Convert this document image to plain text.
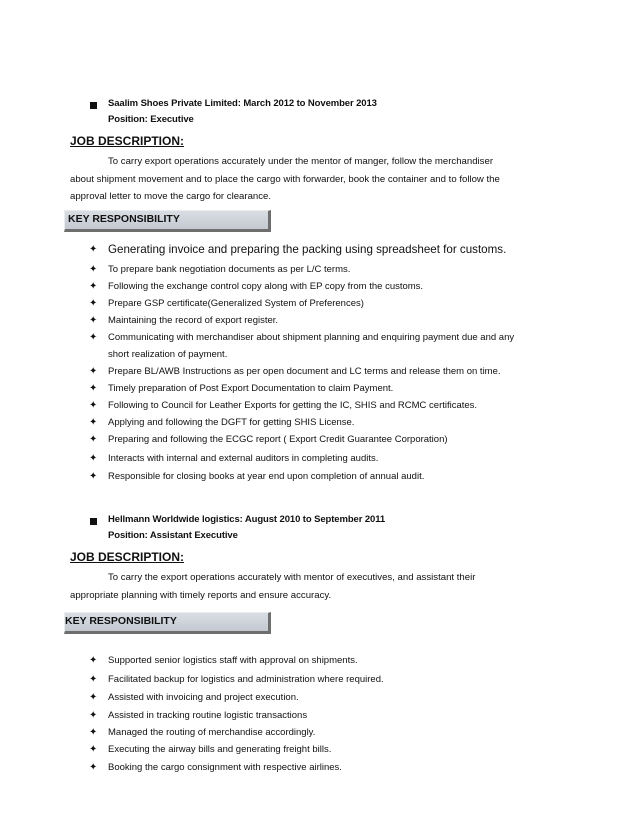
Saalim Shoes Private Limited: March 2012 to November 2013
Position: Executive
JOB DESCRIPTION:
To carry export operations accurately under the mentor of manger, follow the merchandiser
about shipment movement and to place the cargo with forwarder, book the container and to follow the
approval letter to move the cargo for clearance.
KEY RESPONSIBILITY
✦ Generating invoice and preparing the packing using spreadsheet for customs.
✦ To prepare bank negotiation documents as per L/C terms.
✦ Following the exchange control copy along with EP copy from the customs.
✦ Prepare GSP certificate(Generalized System of Preferences)
✦ Maintaining the record of export register.
✦ Communicating with merchandiser about shipment planning and enquiring payment due and any
short realization of payment.
✦ Prepare BL/AWB Instructions as per open document and LC terms and release them on time.
✦ Timely preparation of Post Export Documentation to claim Payment.
✦ Following to Council for Leather Exports for getting the IC, SHIS and RCMC certificates.
✦ Applying and following the DGFT for getting SHIS License.
✦ Preparing and following the ECGC report ( Export Credit Guarantee Corporation)
✦ Interacts with internal and external auditors in completing audits.
✦ Responsible for closing books at year end upon completion of annual audit.
Hellmann Worldwide logistics: August 2010 to September 2011
Position: Assistant Executive
JOB DESCRIPTION:
To carry the export operations accurately with mentor of executives, and assistant their
appropriate planning with timely reports and ensure accuracy.
KEY RESPONSIBILITY
✦ Supported senior logistics staff with approval on shipments.
✦ Facilitated backup for logistics and administration where required.
✦ Assisted with invoicing and project execution.
✦ Assisted in tracking routine logistic transactions
✦ Managed the routing of merchandise accordingly.
✦ Executing the airway bills and generating freight bills.
✦ Booking the cargo consignment with respective airlines.
